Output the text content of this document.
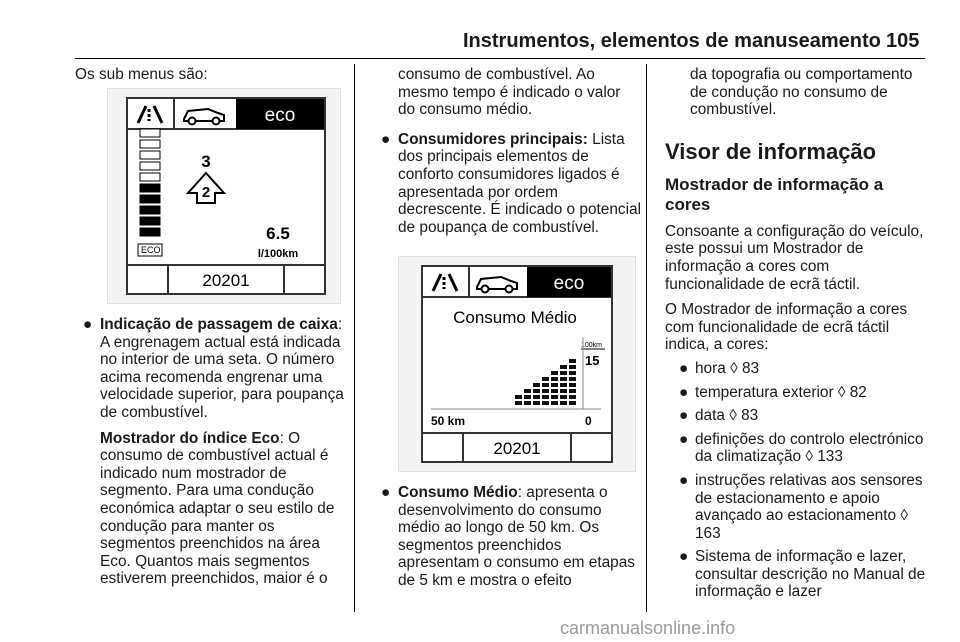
Instrumentos, elementos de manuseamento 105

Os sub menus são:

eco
ECO
3
2
6.5
l/100km
20201
● Indicação de passagem de caixa: A engrenagem actual está indicada no interior de uma seta. O número acima recomenda engrenar uma velocidade superior, para poupança de combustível.
Mostrador do índice Eco: O consumo de combustível actual é indicado num mostrador de segmento. Para uma condução económica adaptar o seu estilo de condução para manter os segmentos preenchidos na área Eco. Quantos mais segmentos estiverem preenchidos, maior é o

consumo de combustível. Ao mesmo tempo é indicado o valor do consumo médio.

● Consumidores principais: Lista dos principais elementos de conforto consumidores ligados é apresentada por ordem decrescente. É indicado o potencial de poupança de combustível.
eco
Consumo Médio
100km
15
50 km	0
20201
● Consumo Médio: apresenta o desenvolvimento do consumo médio ao longo de 50 km. Os segmentos preenchidos apresentam o consumo em etapas de 5 km e mostra o efeito

da topografia ou comportamento de condução no consumo de combustível.

Visor de informação
Mostrador de informação a cores

Consoante a configuração do veículo, este possui um Mostrador de informação a cores com funcionalidade de ecrã táctil.

O Mostrador de informação a cores com funcionalidade de ecrã táctil indica, a cores:

● hora ◊ 83
● temperatura exterior ◊ 82
● data ◊ 83
● definições do controlo electrónico da climatização ◊ 133
● instruções relativas aos sensores de estacionamento e apoio avançado ao estacionamento ◊ 163
● Sistema de informação e lazer, consultar descrição no Manual de informação e lazer
carmanualsonline.info
